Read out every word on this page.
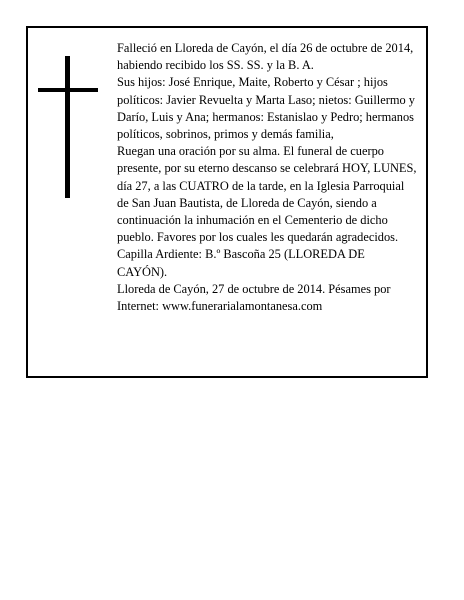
Falleció en Lloreda de Cayón, el día 26 de octubre de 2014, habiendo recibido los SS. SS. y la B. A.

Sus hijos: José Enrique, Maite, Roberto y César ; hijos políticos: Javier Revuelta y Marta Laso; nietos: Guillermo y Darío, Luis y Ana; hermanos: Estanislao y Pedro; hermanos políticos, sobrinos, primos y demás familia,

Ruegan una oración por su alma. El funeral de cuerpo presente, por su eterno descanso se celebrará HOY, LUNES, día 27, a las CUATRO de la tarde, en la Iglesia Parroquial de San Juan Bautista, de Lloreda de Cayón, siendo a continuación la inhumación en el Cementerio de dicho pueblo. Favores por los cuales les quedarán agradecidos. Capilla Ardiente: B.º Bascoña 25 (LLOREDA DE CAYÓN).

Lloreda de Cayón, 27 de octubre de 2014. Pésames por Internet: www.funerarialamontanesa.com
